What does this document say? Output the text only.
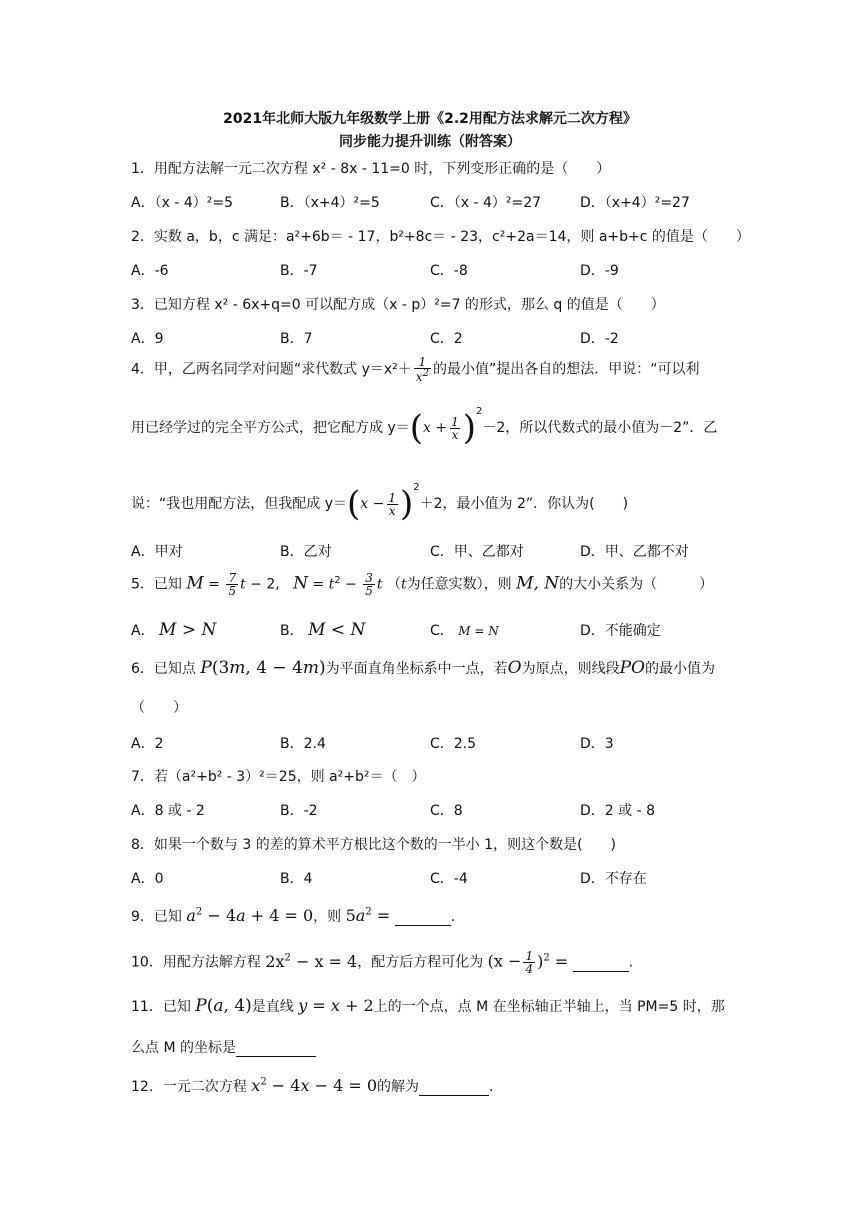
2021年北师大版九年级数学上册《2.2用配方法求解元二次方程》
同步能力提升训练（附答案）
1．用配方法解一元二次方程 x² ‑ 8x ‑ 11=0 时，下列变形正确的是（　　）
A．（x ‑ 4）²=5	B．（x+4）²=5	C．（x ‑ 4）²=27	D．（x+4）²=27
2．实数 a，b，c 满足：a²+6b＝ ‑ 17，b²+8c＝ ‑ 23，c²+2a＝14，则 a+b+c 的值是（　　）
A．‑6	B．‑7	C．‑8	D．‑9
3．已知方程 x² ‑ 6x+q=0 可以配方成（x ‑ p）²=7 的形式，那么 q 的值是（　　）
A．9	B．7	C．2	D．-2
4．甲，乙两名同学对问题“求代数式 $y=x^2+ \frac{1}{x^2}$ 的最小值”提出各自的想法．甲说：“可以利
用已经学过的完全平方公式，把它配方成 $y=(x + \frac{1}{x} )^2-2$，所以代数式的最小值为－2”．乙
说：“我也用配方法，但我配成 $y=(x - \frac{1}{x} )^2+2$，最小值为 2”．你认为(　　)
A．甲对	B．乙对	C．甲、乙都对	D．甲、乙都不对
5．已知 $M = \frac{7}{5}$ t − 2,   $N = t^2 - \frac{3}{5}$ t （t为任意实数），则 M, N的大小关系为（　　　）
A． M > N	B． M < N	C． M = N	D．不能确定
6．已知点 P(3m, 4 − 4m)为平面直角坐标系中一点，若O为原点，则线段PO的最小值为
（　　）
A．2	B．2.4	C．2.5	D．3
7．若（a²+b² ‑ 3）²＝25，则 a²+b²＝（　）
A．8 或 ‑ 2	B．‑2	C．8	D．2 或 ‑ 8
8．如果一个数与 3 的差的算术平方根比这个数的一半小 1，则这个数是(　　)
A．0	B．4	C．-4	D．不存在
9．已知 $a^2 - 4a + 4 = 0$，则 $5a^2$ =	.
10．用配方法解方程 $2x^2 - x = 4$，配方后方程可化为 $(x - \frac{1}{4} )^2$ =	.
11．已知 P(a, 4)是直线 y = x + 2上的一个点，点 M 在坐标轴正半轴上，当 PM=5 时，那
么点 M 的坐标是
12．一元二次方程 $x^2 - 4x - 4 = 0$的解为	.
